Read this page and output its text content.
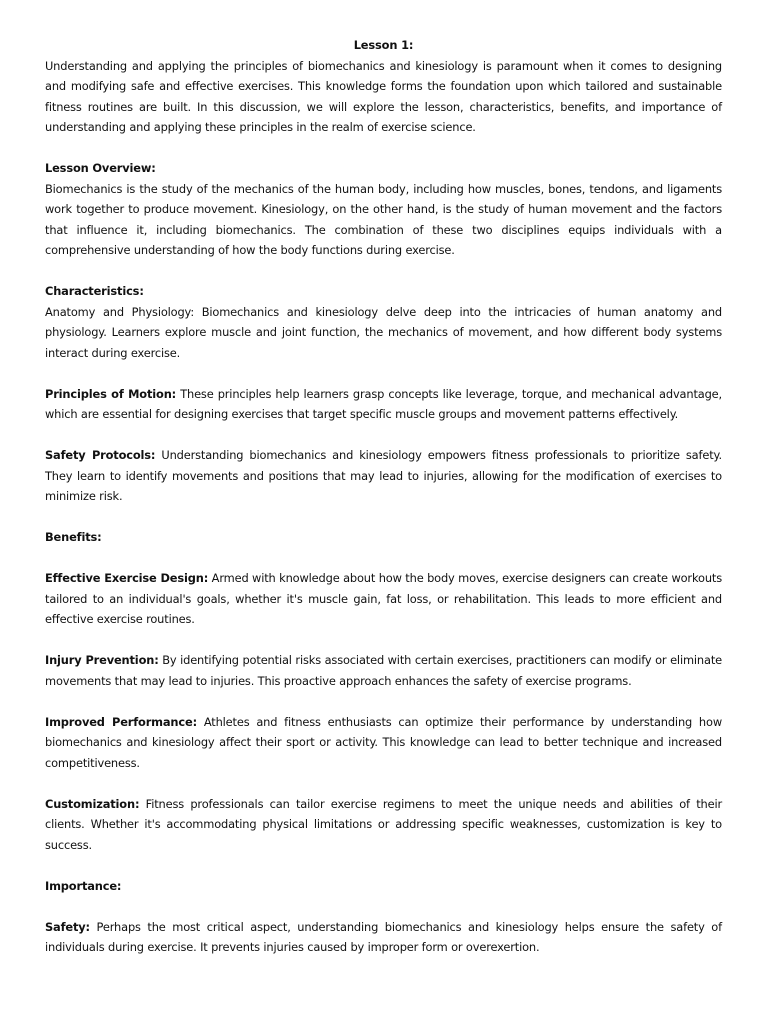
Lesson 1:

Understanding and applying the principles of biomechanics and kinesiology is paramount when it comes to designing and modifying safe and effective exercises. This knowledge forms the foundation upon which tailored and sustainable fitness routines are built. In this discussion, we will explore the lesson, characteristics, benefits, and importance of understanding and applying these principles in the realm of exercise science.

Lesson Overview:

Biomechanics is the study of the mechanics of the human body, including how muscles, bones, tendons, and ligaments work together to produce movement. Kinesiology, on the other hand, is the study of human movement and the factors that influence it, including biomechanics. The combination of these two disciplines equips individuals with a comprehensive understanding of how the body functions during exercise.

Characteristics:

Anatomy and Physiology: Biomechanics and kinesiology delve deep into the intricacies of human anatomy and physiology. Learners explore muscle and joint function, the mechanics of movement, and how different body systems interact during exercise.

Principles of Motion: These principles help learners grasp concepts like leverage, torque, and mechanical advantage, which are essential for designing exercises that target specific muscle groups and movement patterns effectively.

Safety Protocols: Understanding biomechanics and kinesiology empowers fitness professionals to prioritize safety. They learn to identify movements and positions that may lead to injuries, allowing for the modification of exercises to minimize risk.

Benefits:

Effective Exercise Design: Armed with knowledge about how the body moves, exercise designers can create workouts tailored to an individual's goals, whether it's muscle gain, fat loss, or rehabilitation. This leads to more efficient and effective exercise routines.

Injury Prevention: By identifying potential risks associated with certain exercises, practitioners can modify or eliminate movements that may lead to injuries. This proactive approach enhances the safety of exercise programs.

Improved Performance: Athletes and fitness enthusiasts can optimize their performance by understanding how biomechanics and kinesiology affect their sport or activity. This knowledge can lead to better technique and increased competitiveness.

Customization: Fitness professionals can tailor exercise regimens to meet the unique needs and abilities of their clients. Whether it's accommodating physical limitations or addressing specific weaknesses, customization is key to success.

Importance:

Safety: Perhaps the most critical aspect, understanding biomechanics and kinesiology helps ensure the safety of individuals during exercise. It prevents injuries caused by improper form or overexertion.
